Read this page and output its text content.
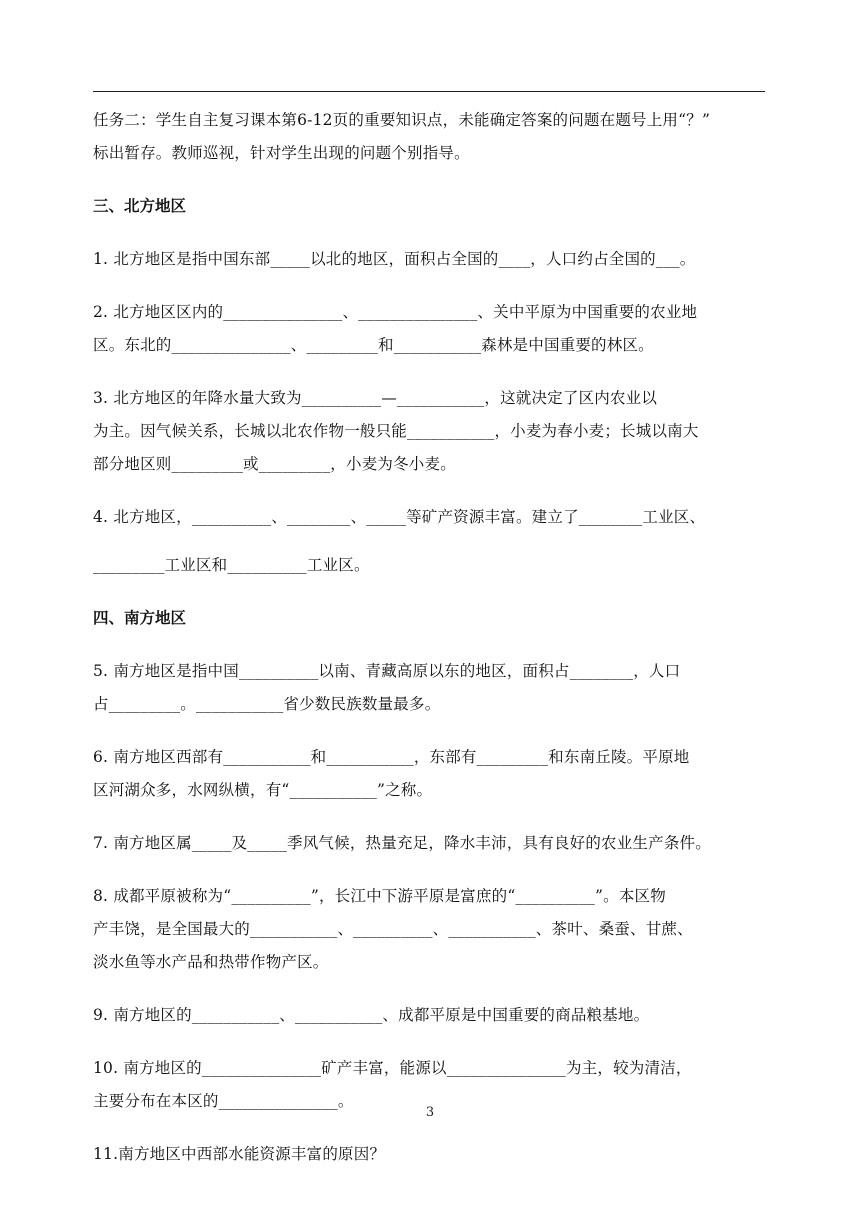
任务二：学生自主复习课本第6-12页的重要知识点，未能确定答案的问题在题号上用“？”

标出暂存。教师巡视，针对学生出现的问题个别指导。

三、北方地区

1. 北方地区是指中国东部_____以北的地区，面积占全国的____，人口约占全国的___。

2. 北方地区区内的_______________、_______________、关中平原为中国重要的农业地

区。东北的_______________、_________和___________森林是中国重要的林区。

3. 北方地区的年降水量大致为__________—___________，这就决定了区内农业以

为主。因气候关系，长城以北农作物一般只能___________，小麦为春小麦；长城以南大

部分地区则_________或_________，小麦为冬小麦。

4. 北方地区，__________、________、_____等矿产资源丰富。建立了________工业区、

_________工业区和__________工业区。

四、南方地区

5. 南方地区是指中国__________以南、青藏高原以东的地区，面积占________，人口

占_________。___________省少数民族数量最多。

6. 南方地区西部有___________和___________，东部有_________和东南丘陵。平原地

区河湖众多，水网纵横，有“___________”之称。

7. 南方地区属_____及_____季风气候，热量充足，降水丰沛，具有良好的农业生产条件。

8. 成都平原被称为“__________”，长江中下游平原是富庶的“__________”。本区物

产丰饶，是全国最大的___________、__________、___________、茶叶、桑蚕、甘蔗、

淡水鱼等水产品和热带作物产区。

9. 南方地区的___________、___________、成都平原是中国重要的商品粮基地。

10. 南方地区的_______________矿产丰富，能源以_______________为主，较为清洁，

主要分布在本区的_______________。

11.南方地区中西部水能资源丰富的原因？

3
